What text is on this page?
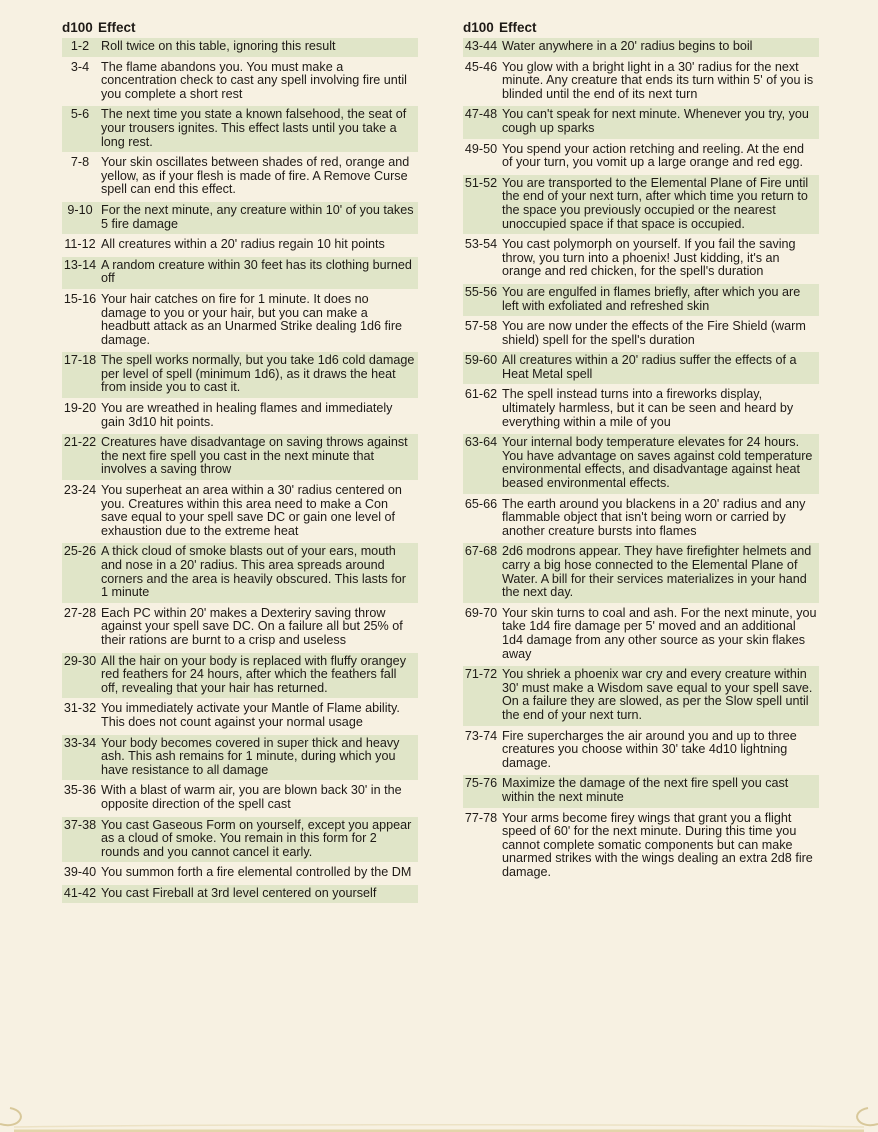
d100 Effect
1-2	Roll twice on this table, ignoring this result

3-4	The flame abandons you. You must make a concentration check to cast any spell involving fire until you complete a short rest

5-6	The next time you state a known falsehood, the seat of your trousers ignites. This effect lasts until you take a long rest.

7-8	Your skin oscillates between shades of red, orange and yellow, as if your flesh is made of fire. A Remove Curse spell can end this effect.

9-10	For the next minute, any creature within 10' of you takes 5 fire damage

11-12	All creatures within a 20' radius regain 10 hit points

13-14	A random creature within 30 feet has its clothing burned off

15-16	Your hair catches on fire for 1 minute. It does no damage to you or your hair, but you can make a headbutt attack as an Unarmed Strike dealing 1d6 fire damage.

17-18	The spell works normally, but you take 1d6 cold damage per level of spell (minimum 1d6), as it draws the heat from inside you to cast it.

19-20	You are wreathed in healing flames and immediately gain 3d10 hit points.

21-22	Creatures have disadvantage on saving throws against the next fire spell you cast in the next minute that involves a saving throw

23-24	You superheat an area within a 30' radius centered on you. Creatures within this area need to make a Con save equal to your spell save DC or gain one level of exhaustion due to the extreme heat

25-26	A thick cloud of smoke blasts out of your ears, mouth and nose in a 20' radius. This area spreads around corners and the area is heavily obscured. This lasts for 1 minute

27-28	Each PC within 20' makes a Dexteriry saving throw against your spell save DC. On a failure all but 25% of their rations are burnt to a crisp and useless

29-30	All the hair on your body is replaced with fluffy orangey red feathers for 24 hours, after which the feathers fall off, revealing that your hair has returned.

31-32	You immediately activate your Mantle of Flame ability. This does not count against your normal usage

33-34	Your body becomes covered in super thick and heavy ash. This ash remains for 1 minute, during which you have resistance to all damage

35-36	With a blast of warm air, you are blown back 30' in the opposite direction of the spell cast

37-38	You cast Gaseous Form on yourself, except you appear as a cloud of smoke. You remain in this form for 2 rounds and you cannot cancel it early.

39-40	You summon forth a fire elemental controlled by the DM

41-42	You cast Fireball at 3rd level centered on yourself

d100 Effect
43-44	Water anywhere in a 20' radius begins to boil

45-46	You glow with a bright light in a 30' radius for the next minute. Any creature that ends its turn within 5' of you is blinded until the end of its next turn

47-48	You can't speak for next minute. Whenever you try, you cough up sparks

49-50	You spend your action retching and reeling. At the end of your turn, you vomit up a large orange and red egg.

51-52	You are transported to the Elemental Plane of Fire until the end of your next turn, after which time you return to the space you previously occupied or the nearest unoccupied space if that space is occupied.

53-54	You cast polymorph on yourself. If you fail the saving throw, you turn into a phoenix! Just kidding, it's an orange and red chicken, for the spell's duration

55-56	You are engulfed in flames briefly, after which you are left with exfoliated and refreshed skin

57-58	You are now under the effects of the Fire Shield (warm shield) spell for the spell's duration

59-60	All creatures within a 20' radius suffer the effects of a Heat Metal spell

61-62	The spell instead turns into a fireworks display, ultimately harmless, but it can be seen and heard by everything within a mile of you

63-64	Your internal body temperature elevates for 24 hours. You have advantage on saves against cold temperature environmental effects, and disadvantage against heat beased environmental effects.

65-66	The earth around you blackens in a 20' radius and any flammable object that isn't being worn or carried by another creature bursts into flames

67-68	2d6 modrons appear. They have firefighter helmets and carry a big hose connected to the Elemental Plane of Water. A bill for their services materializes in your hand the next day.

69-70	Your skin turns to coal and ash. For the next minute, you take 1d4 fire damage per 5' moved and an additional 1d4 damage from any other source as your skin flakes away

71-72	You shriek a phoenix war cry and every creature within 30' must make a Wisdom save equal to your spell save. On a failure they are slowed, as per the Slow spell until the end of your next turn.

73-74	Fire supercharges the air around you and up to three creatures you choose within 30' take 4d10 lightning damage.

75-76	Maximize the damage of the next fire spell you cast within the next minute

77-78	Your arms become firey wings that grant you a flight speed of 60' for the next minute. During this time you cannot complete somatic components but can make unarmed strikes with the wings dealing an extra 2d8 fire damage.
